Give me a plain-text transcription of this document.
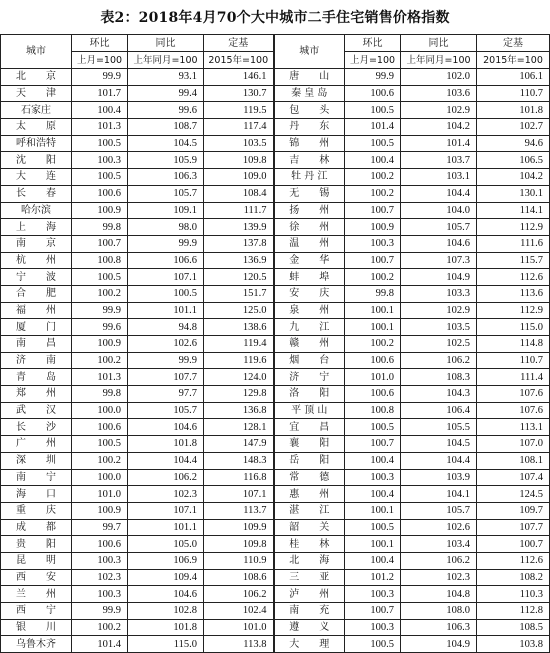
表2：2018年4月70个大中城市二手住宅销售价格指数
城市	环比	同比	定基	城市	环比	同比	定基
	上月=100	上年同月=100	2015年=100		上月=100	上年同月=100	2015年=100
北　　京	99.9	93.1	146.1	唐　　山	99.9	102.0	106.1
天　　津	101.7	99.4	130.7	秦 皇 岛	100.6	103.6	110.7
石家庄	100.4	99.6	119.5	包　　头	100.5	102.9	101.8
太　　原	101.3	108.7	117.4	丹　　东	101.4	104.2	102.7
呼和浩特	100.5	104.5	103.5	锦　　州	100.5	101.4	94.6
沈　　阳	100.3	105.9	109.8	吉　　林	100.4	103.7	106.5
大　　连	100.5	106.3	109.0	牡 丹 江	100.2	103.1	104.2
长　　春	100.6	105.7	108.4	无　　锡	100.2	104.4	130.1
哈尔滨	100.9	109.1	111.7	扬　　州	100.7	104.0	114.1
上　　海	99.8	98.0	139.9	徐　　州	100.9	105.7	112.9
南　　京	100.7	99.9	137.8	温　　州	100.3	104.6	111.6
杭　　州	100.8	106.6	136.9	金　　华	100.7	107.3	115.7
宁　　波	100.5	107.1	120.5	蚌　　埠	100.2	104.9	112.6
合　　肥	100.2	100.5	151.7	安　　庆	99.8	103.3	113.6
福　　州	99.9	101.1	125.0	泉　　州	100.1	102.9	112.9
厦　　门	99.6	94.8	138.6	九　　江	100.1	103.5	115.0
南　　昌	100.9	102.6	119.4	赣　　州	100.2	102.5	114.8
济　　南	100.2	99.9	119.6	烟　　台	100.6	106.2	110.7
青　　岛	101.3	107.7	124.0	济　　宁	101.0	108.3	111.4
郑　　州	99.8	97.7	129.8	洛　　阳	100.6	104.3	107.6
武　　汉	100.0	105.7	136.8	平 顶 山	100.8	106.4	107.6
长　　沙	100.6	104.6	128.1	宜　　昌	100.5	105.5	113.1
广　　州	100.5	101.8	147.9	襄　　阳	100.7	104.5	107.0
深　　圳	100.2	104.4	148.3	岳　　阳	100.4	104.4	108.1
南　　宁	100.0	106.2	116.8	常　　德	100.3	103.9	107.4
海　　口	101.0	102.3	107.1	惠　　州	100.4	104.1	124.5
重　　庆	100.9	107.1	113.7	湛　　江	100.1	105.7	109.7
成　　都	99.7	101.1	109.9	韶　　关	100.5	102.6	107.7
贵　　阳	100.6	105.0	109.8	桂　　林	100.1	103.4	100.7
昆　　明	100.3	106.9	110.9	北　　海	100.4	106.2	112.6
西　　安	102.3	109.4	108.6	三　　亚	101.2	102.3	108.2
兰　　州	100.3	104.6	106.2	泸　　州	100.3	104.8	110.3
西　　宁	99.9	102.8	102.4	南　　充	100.7	108.0	112.8
银　　川	100.2	101.8	101.0	遵　　义	100.3	106.3	108.5
乌鲁木齐	101.4	115.0	113.8	大　　理	100.5	104.9	103.8
